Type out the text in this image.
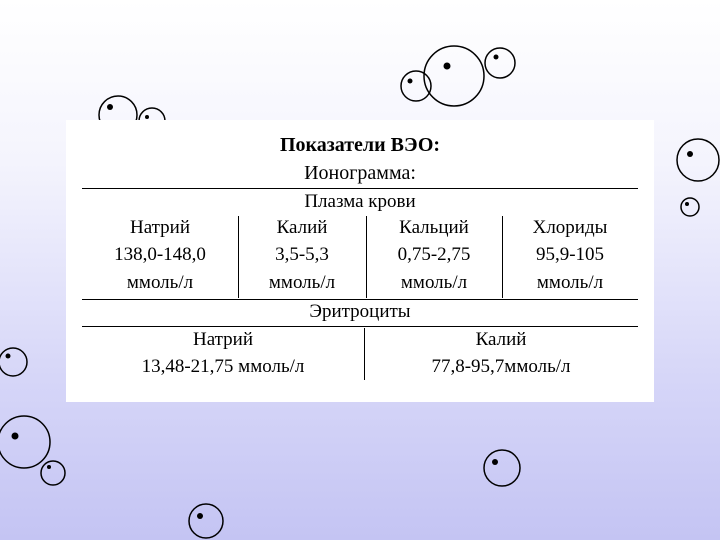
Показатели ВЭО:
Ионограмма:
Плазма крови
Натрий
138,0-148,0
ммоль/л
Калий
3,5-5,3
ммоль/л
Кальций
0,75-2,75
ммоль/л
Хлориды
95,9-105
ммоль/л
Эритроциты
Натрий
13,48-21,75 ммоль/л
Калий
77,8-95,7ммоль/л
